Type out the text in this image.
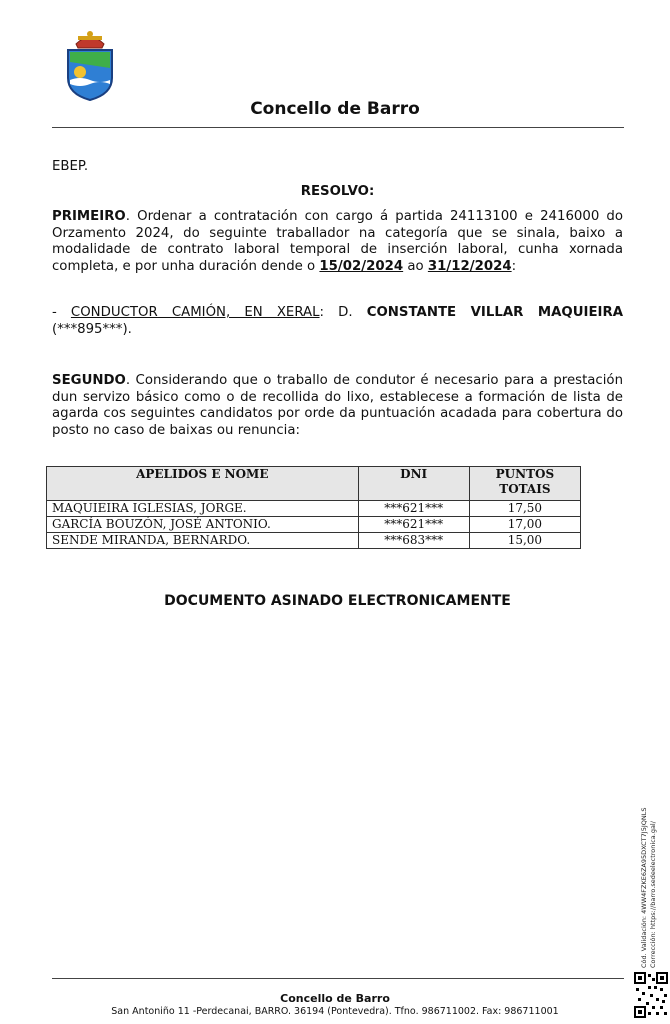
Concello de Barro
EBEP.
RESOLVO:
PRIMEIRO. Ordenar a contratación con cargo á partida 24113100 e 2416000 do Orzamento 2024, do seguinte traballador na categoría que se sinala, baixo a modalidade de contrato laboral temporal de inserción laboral, cunha xornada completa, e por unha duración dende o 15/02/2024 ao 31/12/2024:
- CONDUCTOR CAMIÓN, EN XERAL: D. CONSTANTE VILLAR MAQUIEIRA (***895***).
SEGUNDO. Considerando que o traballo de condutor é necesario para a prestación dun servizo básico como o de recollida do lixo, establecese a formación de lista de agarda cos seguintes candidatos por orde da puntuación acadada para cobertura do posto no caso de baixas ou renuncia:
APELIDOS E NOME	DNI	PUNTOS TOTAIS
MAQUIEIRA IGLESIAS, JORGE.	***621***	17,50
GARCÍA BOUZÓN, JOSÉ ANTONIO.	***621***	17,00
SENDE MIRANDA, BERNARDO.	***683***	15,00
DOCUMENTO ASINADO ELECTRONICAMENTE
Concello de Barro
San Antoniño 11 -Perdecanai, BARRO. 36194 (Pontevedra). Tfno. 986711002. Fax: 986711001
Cód. Validación: 4WW4FZKE6ZA95DXCT7J5JQNLS Corrección: https://barro.sedeelectronica.gal/
